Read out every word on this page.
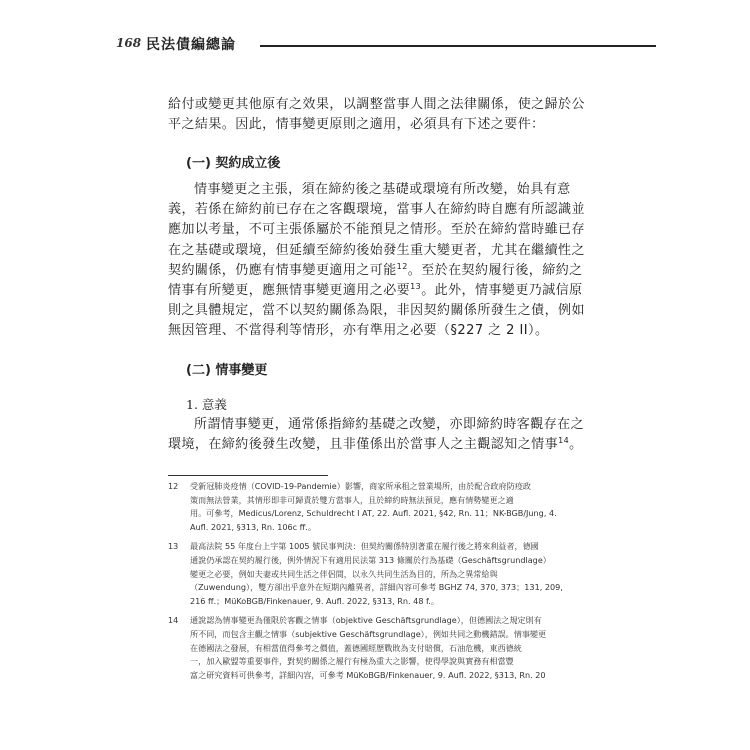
168 民法債編總論
給付或變更其他原有之效果，以調整當事人間之法律關係，使之歸於公
平之結果。因此，情事變更原則之適用，必須具有下述之要件：
(一) 契約成立後
情事變更之主張，須在締約後之基礎或環境有所改變，始具有意
義，若係在締約前已存在之客觀環境，當事人在締約時自應有所認識並
應加以考量，不可主張係屬於不能預見之情形。至於在締約當時雖已存
在之基礎或環境，但延續至締約後始發生重大變更者，尤其在繼續性之
契約關係，仍應有情事變更適用之可能$^{12}$。至於在契約履行後，締約之
情事有所變更，應無情事變更適用之必要$^{13}$。此外，情事變更乃誠信原
則之具體規定，當不以契約關係為限，非因契約關係所發生之債，例如
無因管理、不當得利等情形，亦有準用之必要（§227 之 2 II）。
(二) 情事變更
1. 意義
所謂情事變更，通常係指締約基礎之改變，亦即締約時客觀存在之
環境，在締約後發生改變，且非僅係出於當事人之主觀認知之情事$^{14}$。
12 受新冠肺炎疫情（COVID-19-Pandemie）影響，商家所承租之營業場所，由於配合政府防疫政
策而無法營業，其情形即非可歸責於雙方當事人，且於締約時無法預見，應有情勢變更之適
用。可參考，Medicus/Lorenz, Schuldrecht I AT, 22. Aufl. 2021, §42, Rn. 11；NK-BGB/Jung, 4.
Aufl. 2021, §313, Rn. 106c ff.。
13 最高法院 55 年度台上字第 1005 號民事判決：但契約關係特別著重在履行後之將來利益者，德國
通說仍承認在契約履行後，例外情況下有適用民法第 313 條關於行為基礎（Geschäftsgrundlage）
變更之必要，例如夫妻或共同生活之伴侶間，以永久共同生活為目的，所為之異常給與
（Zuwendung），雙方卻出乎意外在短期內離異者，詳細內容可參考 BGHZ 74, 370, 373；131, 209,
216 ff.；MüKoBGB/Finkenauer, 9. Aufl. 2022, §313, Rn. 48 f.。
14 通說認為情事變更為僅限於客觀之情事（objektive Geschäftsgrundlage），但德國法之規定則有
所不同，而包含主觀之情事（subjektive Geschäftsgrundlage），例如共同之動機錯誤。情事變更
在德國法之發展，有相當值得參考之價值，蓋德國經歷戰敗為支付賠償，石油危機，東西德統
一，加入歐盟等重要事件，對契約關係之履行有極為重大之影響，使得學說與實務有相當豐
富之研究資料可供參考，詳細內容，可參考 MüKoBGB/Finkenauer, 9. Aufl. 2022, §313, Rn. 20
